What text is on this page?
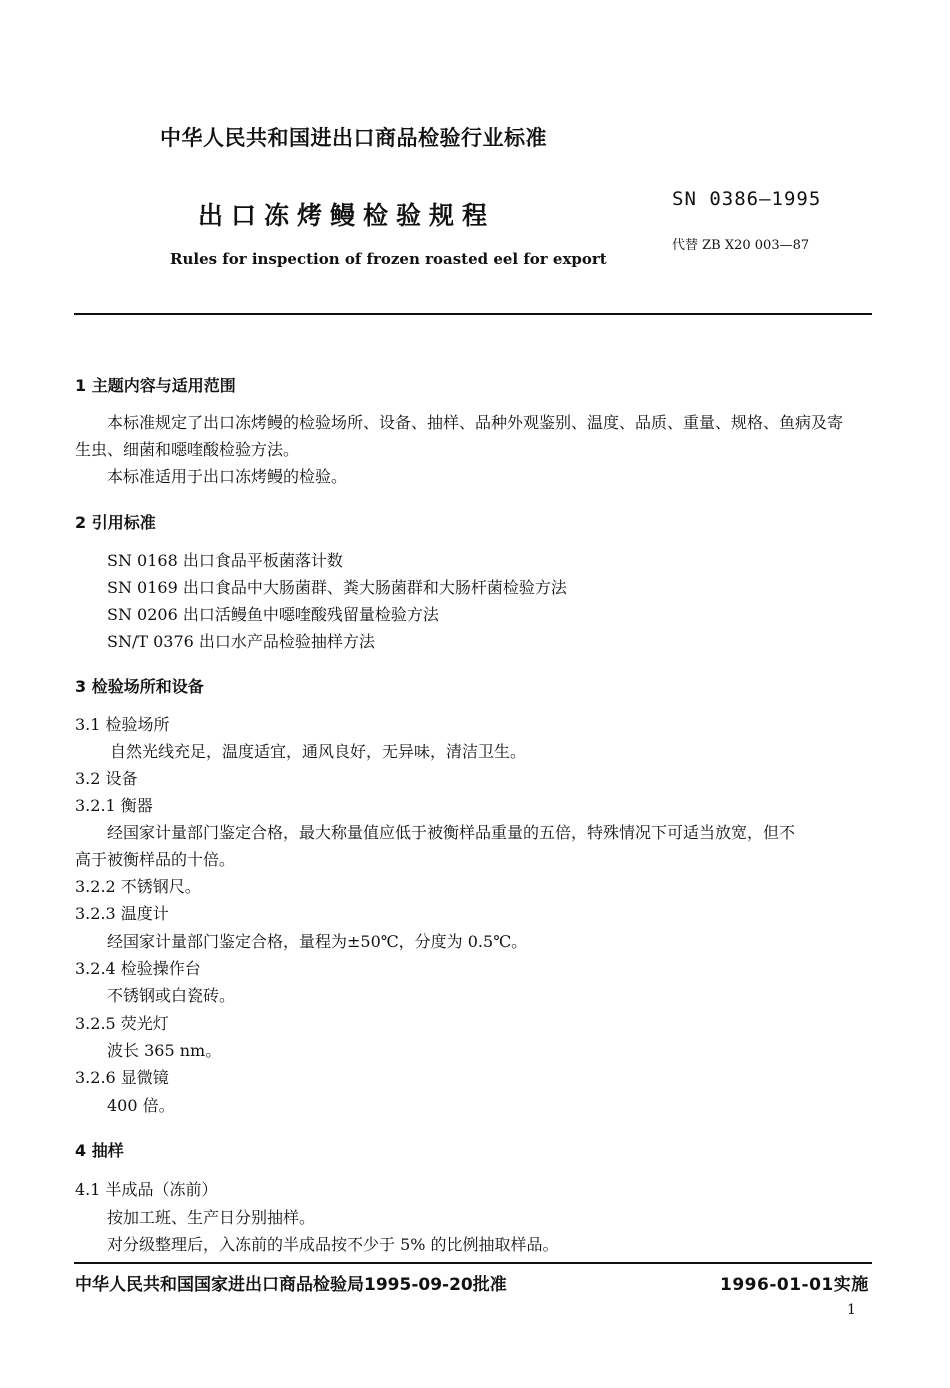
中华人民共和国进出口商品检验行业标准
出口冻烤鳗检验规程
Rules for inspection of frozen roasted eel for export
SN 0386—1995
代替 ZB X20 003—87
1 主题内容与适用范围
本标准规定了出口冻烤鳗的检验场所、设备、抽样、品种外观鉴别、温度、品质、重量、规格、鱼病及寄
生虫、细菌和噁喹酸检验方法。
本标准适用于出口冻烤鳗的检验。
2 引用标准
SN 0168 出口食品平板菌落计数
SN 0169 出口食品中大肠菌群、粪大肠菌群和大肠杆菌检验方法
SN 0206 出口活鳗鱼中噁喹酸残留量检验方法
SN/T 0376 出口水产品检验抽样方法
3 检验场所和设备
3.1 检验场所
自然光线充足，温度适宜，通风良好，无异味，清洁卫生。
3.2 设备
3.2.1 衡器
经国家计量部门鉴定合格，最大称量值应低于被衡样品重量的五倍，特殊情况下可适当放宽，但不
高于被衡样品的十倍。
3.2.2 不锈钢尺。
3.2.3 温度计
经国家计量部门鉴定合格，量程为±50℃，分度为 0.5℃。
3.2.4 检验操作台
不锈钢或白瓷砖。
3.2.5 荧光灯
波长 365 nm。
3.2.6 显微镜
400 倍。
4 抽样
4.1 半成品（冻前）
按加工班、生产日分别抽样。
对分级整理后，入冻前的半成品按不少于 5% 的比例抽取样品。
中华人民共和国国家进出口商品检验局1995-09-20批准	1996-01-01实施
1
